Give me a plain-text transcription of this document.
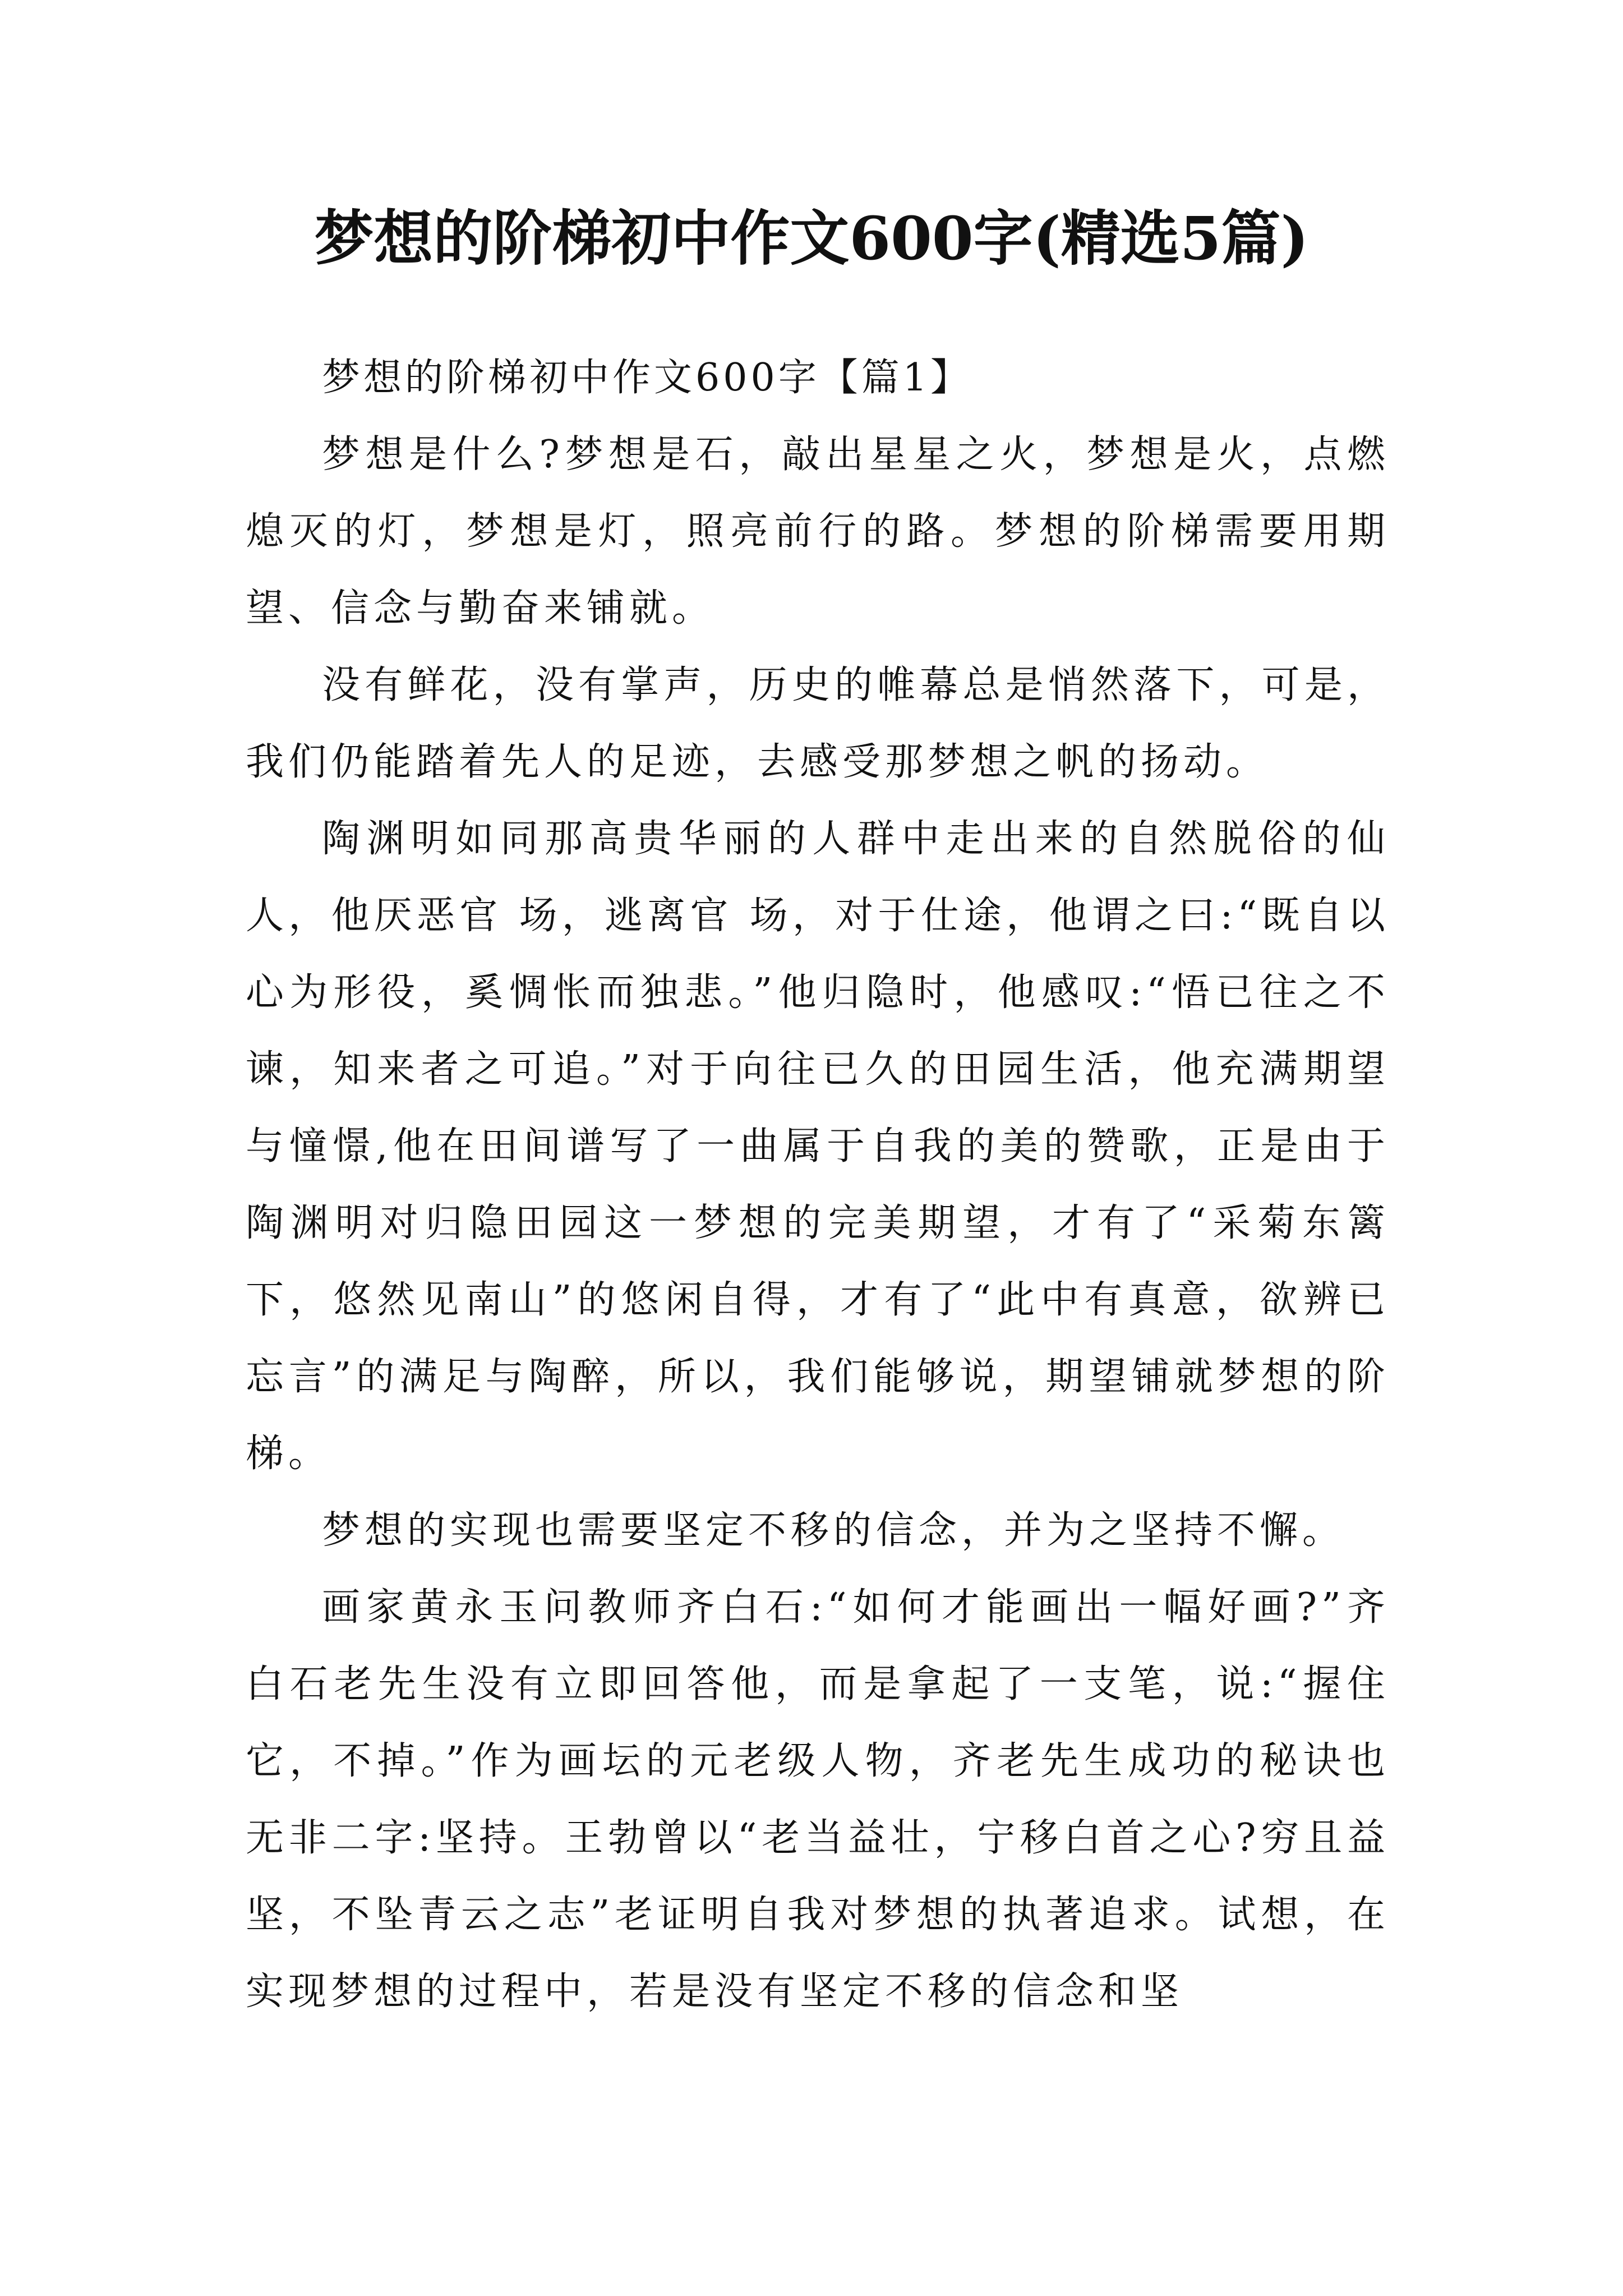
梦想的阶梯初中作文600字(精选5篇)

梦想的阶梯初中作文600字【篇1】

梦想是什么?梦想是石，敲出星星之火，梦想是火，点燃熄灭的灯，梦想是灯，照亮前行的路。梦想的阶梯需要用期望、信念与勤奋来铺就。

没有鲜花，没有掌声，历史的帷幕总是悄然落下，可是，我们仍能踏着先人的足迹，去感受那梦想之帆的扬动。

陶渊明如同那高贵华丽的人群中走出来的自然脱俗的仙人，他厌恶官 场，逃离官 场，对于仕途，他谓之曰:“既自以心为形役，奚惆怅而独悲。”他归隐时，他感叹:“悟已往之不谏，知来者之可追。”对于向往已久的田园生活，他充满期望与憧憬,他在田间谱写了一曲属于自我的美的赞歌，正是由于陶渊明对归隐田园这一梦想的完美期望，才有了“采菊东篱下，悠然见南山”的悠闲自得，才有了“此中有真意，欲辨已忘言”的满足与陶醉，所以，我们能够说，期望铺就梦想的阶梯。

梦想的实现也需要坚定不移的信念，并为之坚持不懈。

画家黄永玉问教师齐白石:“如何才能画出一幅好画?”齐白石老先生没有立即回答他，而是拿起了一支笔，说:“握住它，不掉。”作为画坛的元老级人物，齐老先生成功的秘诀也无非二字:坚持。王勃曾以“老当益壮，宁移白首之心?穷且益坚，不坠青云之志”老证明自我对梦想的执著追求。试想，在实现梦想的过程中，若是没有坚定不移的信念和坚
